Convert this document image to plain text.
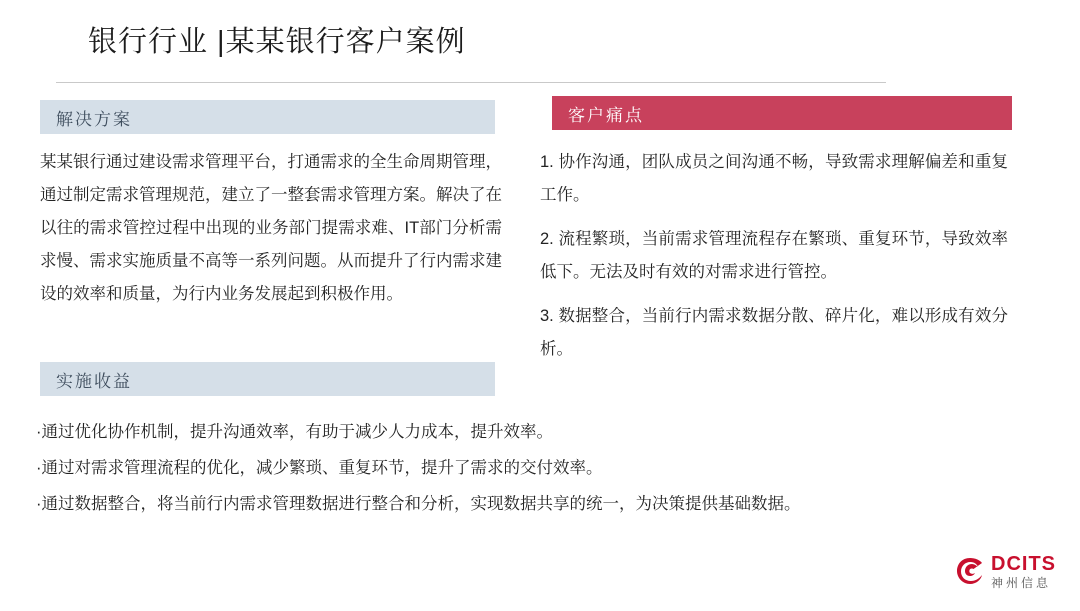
银行行业 |某某银行客户案例
解决方案
某某银行通过建设需求管理平台，打通需求的全生命周期管理，通过制定需求管理规范，建立了一整套需求管理方案。解决了在以往的需求管控过程中出现的业务部门提需求难、IT部门分析需求慢、需求实施质量不高等一系列问题。从而提升了行内需求建设的效率和质量，为行内业务发展起到积极作用。
客户痛点
1. 协作沟通，团队成员之间沟通不畅，导致需求理解偏差和重复工作。
2. 流程繁琐，当前需求管理流程存在繁琐、重复环节，导致效率低下。无法及时有效的对需求进行管控。
3. 数据整合，当前行内需求数据分散、碎片化，难以形成有效分析。
实施收益
·通过优化协作机制，提升沟通效率，有助于减少人力成本，提升效率。
·通过对需求管理流程的优化，减少繁琐、重复环节，提升了需求的交付效率。
·通过数据整合，将当前行内需求管理数据进行整合和分析，实现数据共享的统一，为决策提供基础数据。
DCITS
神州信息
